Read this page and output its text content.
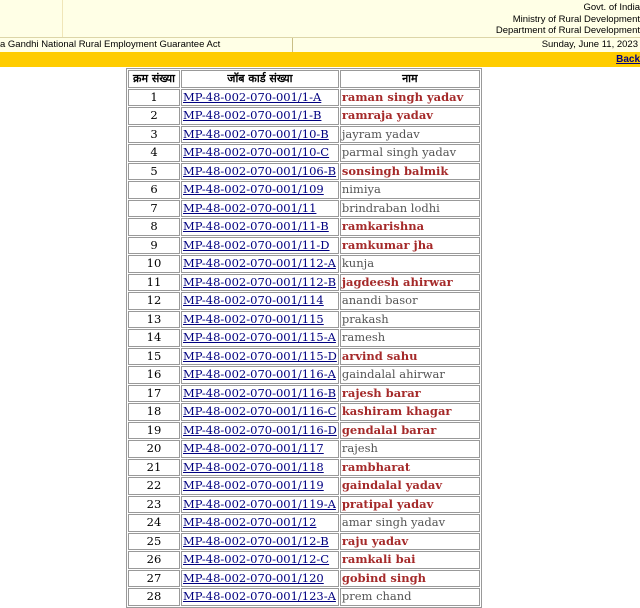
Govt. of India
Ministry of Rural Development
Department of Rural Development
a Gandhi National Rural Employment Guarantee Act	Sunday, June 11, 2023
Back
क्रम संख्या	जॉब कार्ड संख्या	नाम
1	MP-48-002-070-001/1-A	raman singh yadav
2	MP-48-002-070-001/1-B	ramraja yadav
3	MP-48-002-070-001/10-B	jayram yadav
4	MP-48-002-070-001/10-C	parmal singh yadav
5	MP-48-002-070-001/106-B	sonsingh balmik
6	MP-48-002-070-001/109	nimiya
7	MP-48-002-070-001/11	brindraban lodhi
8	MP-48-002-070-001/11-B	ramkarishna
9	MP-48-002-070-001/11-D	ramkumar jha
10	MP-48-002-070-001/112-A	kunja
11	MP-48-002-070-001/112-B	jagdeesh ahirwar
12	MP-48-002-070-001/114	anandi basor
13	MP-48-002-070-001/115	prakash
14	MP-48-002-070-001/115-A	ramesh
15	MP-48-002-070-001/115-D	arvind sahu
16	MP-48-002-070-001/116-A	gaindalal ahirwar
17	MP-48-002-070-001/116-B	rajesh barar
18	MP-48-002-070-001/116-C	kashiram khagar
19	MP-48-002-070-001/116-D	gendalal barar
20	MP-48-002-070-001/117	rajesh
21	MP-48-002-070-001/118	rambharat
22	MP-48-002-070-001/119	gaindalal yadav
23	MP-48-002-070-001/119-A	pratipal yadav
24	MP-48-002-070-001/12	amar singh yadav
25	MP-48-002-070-001/12-B	raju yadav
26	MP-48-002-070-001/12-C	ramkali bai
27	MP-48-002-070-001/120	gobind singh
28	MP-48-002-070-001/123-A	prem chand
